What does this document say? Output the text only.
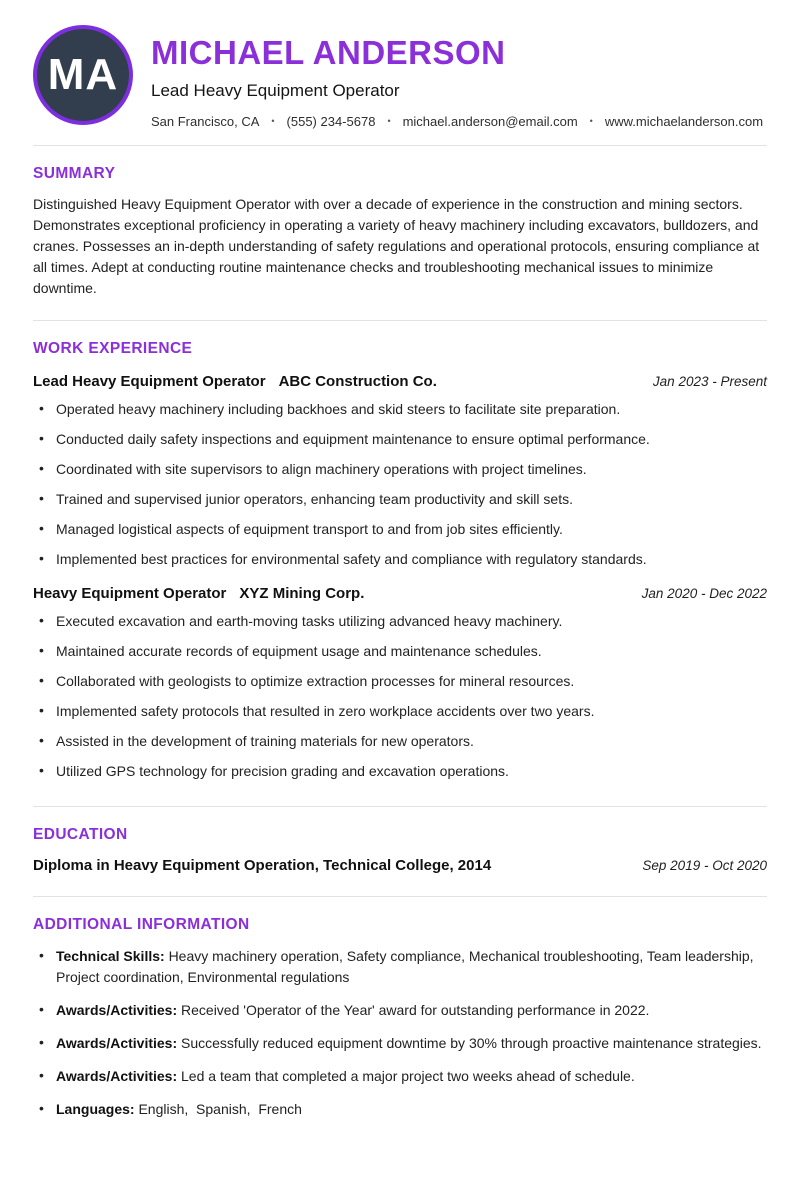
MA MICHAEL ANDERSON
Lead Heavy Equipment Operator
San Francisco, CA • (555) 234-5678 • michael.anderson@email.com • www.michaelanderson.com
SUMMARY

Distinguished Heavy Equipment Operator with over a decade of experience in the construction and mining sectors. Demonstrates exceptional proficiency in operating a variety of heavy machinery including excavators, bulldozers, and cranes. Possesses an in-depth understanding of safety regulations and operational protocols, ensuring compliance at all times. Adept at conducting routine maintenance checks and troubleshooting mechanical issues to minimize downtime.

WORK EXPERIENCE
Lead Heavy Equipment Operator ABC Construction Co.	Jan 2023 - Present
• Operated heavy machinery including backhoes and skid steers to facilitate site preparation.
• Conducted daily safety inspections and equipment maintenance to ensure optimal performance.
• Coordinated with site supervisors to align machinery operations with project timelines.
• Trained and supervised junior operators, enhancing team productivity and skill sets.
• Managed logistical aspects of equipment transport to and from job sites efficiently.
• Implemented best practices for environmental safety and compliance with regulatory standards.
Heavy Equipment Operator XYZ Mining Corp.	Jan 2020 - Dec 2022
• Executed excavation and earth-moving tasks utilizing advanced heavy machinery.
• Maintained accurate records of equipment usage and maintenance schedules.
• Collaborated with geologists to optimize extraction processes for mineral resources.
• Implemented safety protocols that resulted in zero workplace accidents over two years.
• Assisted in the development of training materials for new operators.
• Utilized GPS technology for precision grading and excavation operations.
EDUCATION
Diploma in Heavy Equipment Operation, Technical College, 2014	Sep 2019 - Oct 2020
ADDITIONAL INFORMATION
• Technical Skills: Heavy machinery operation, Safety compliance, Mechanical troubleshooting, Team leadership, Project coordination, Environmental regulations
• Awards/Activities: Received 'Operator of the Year' award for outstanding performance in 2022.
• Awards/Activities: Successfully reduced equipment downtime by 30% through proactive maintenance strategies.
• Awards/Activities: Led a team that completed a major project two weeks ahead of schedule.
• Languages: English,  Spanish,  French
